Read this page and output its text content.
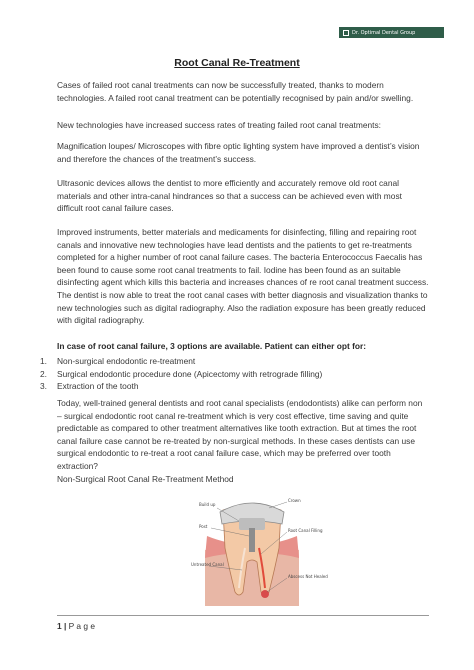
Dr. Optimal Dental Group
Root Canal Re-Treatment
Cases of failed root canal treatments can now be successfully treated, thanks to modern technologies. A failed root canal treatment can be potentially recognised by pain and/or swelling.
New technologies have increased success rates of treating failed root canal treatments:
Magnification loupes/ Microscopes with fibre optic lighting system have improved a dentist’s vision and therefore the chances of the treatment’s success.
Ultrasonic devices allows the dentist to more efficiently and accurately remove old root canal materials and other intra-canal hindrances so that a success can be achieved even with most difficult root canal failure cases.
Improved instruments, better materials and medicaments for disinfecting, filling and repairing root canals and innovative new technologies have lead dentists and the patients to get re-treatments completed for a higher number of root canal failure cases. The bacteria Enterococcus Faecalis has been found to cause some root canal treatments to fail. Iodine has been found as an suitable disinfecting agent which kills this bacteria and increases chances of re root canal treatment success.
The dentist is now able to treat the root canal cases with better diagnosis and visualization thanks to new technologies such as digital radiography. Also the radiation exposure has been greatly reduced with digital radiography.
In case of root canal failure, 3 options are available. Patient can either opt for:
1.	Non-surgical endodontic re-treatment
2.	Surgical endodontic procedure done (Apicectomy with retrograde filling)
3.	Extraction of the tooth
Today, well-trained general dentists and root canal specialists (endodontists) alike can perform non – surgical endodontic root canal re-treatment which is very cost effective, time saving and quite predictable as compared to other treatment alternatives like tooth extraction. But at times the root canal failure case cannot be re-treated by non-surgical methods. In these cases dentists can use surgical endodontic to re-treat a root canal failure case, which may be preferred over tooth extraction?
Non-Surgical Root Canal Re-Treatment Method
Build up
Post
Untreated Canal
Crown
Root Canal Filling
Abscess Not Healed
1 | P a g e
